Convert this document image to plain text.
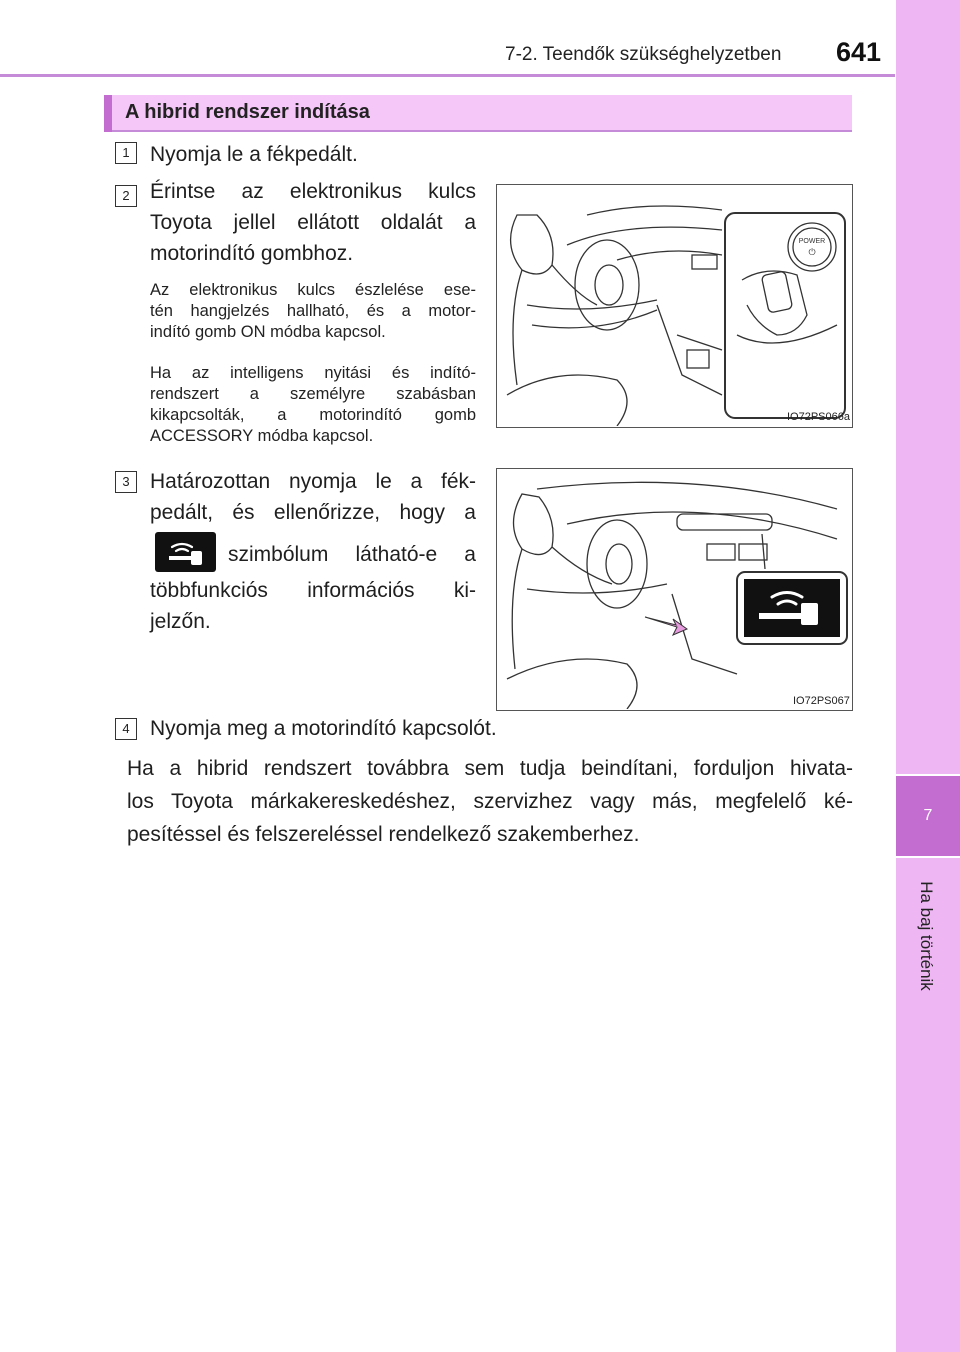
7-2. Teendők szükséghelyzetben 641
7
Ha baj történik
A hibrid rendszer indítása
1 Nyomja le a fékpedált.
2 Érintse az elektronikus kulcs
Toyota jellel ellátott oldalát a
motorindító gombhoz.
Az elektronikus kulcs észlelése ese-
tén hangjelzés hallható, és a motor-
indító gomb ON módba kapcsol.
Ha az intelligens nyitási és indító-
rendszert a személyre szabásban
kikapcsolták, a motorindító gomb
ACCESSORY módba kapcsol.
POWER
⏻
IO72PS066a
3 Határozottan nyomja le a fék-
pedált, és ellenőrizze, hogy a
szimbólum látható-e a
többfunkciós információs ki-
jelzőn.
IO72PS067
4 Nyomja meg a motorindító kapcsolót.
Ha a hibrid rendszert továbbra sem tudja beindítani, forduljon hivata-
los Toyota márkakereskedéshez, szervizhez vagy más, megfelelő ké-
pesítéssel és felszereléssel rendelkező szakemberhez.
